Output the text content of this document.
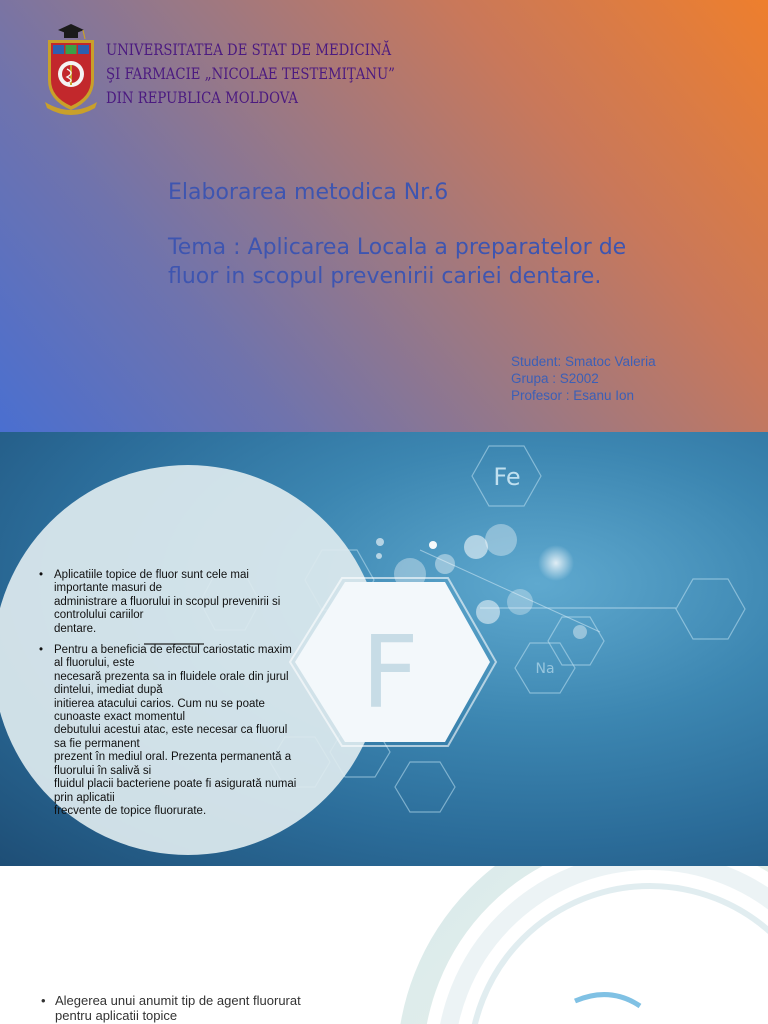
UNIVERSITATEA DE STAT DE MEDICINĂ
ŞI FARMACIE „NICOLAE TESTEMIŢANU”
DIN REPUBLICA MOLDOVA
Elaborarea metodica Nr.6
Tema : Aplicarea Locala a preparatelor de
fluor in scopul prevenirii cariei dentare.
Student: Smatoc Valeria
Grupa : S2002
Profesor : Esanu Ion
F
Fe
Na
• Aplicatiile topice de fluor sunt cele mai
importante masuri de
administrare a fluorului in scopul prevenirii si
controlului cariilor
dentare.
• Pentru a beneficia de efectul cariostatic maxim
al fluorului, este
necesară prezenta sa in fluidele orale din jurul
dintelui, imediat după
initierea atacului carios. Cum nu se poate
cunoaste exact momentul
debutului acestui atac, este necesar ca fluorul
sa fie permanent
prezent în mediul oral. Prezenta permanentă a
fluorului în salivă si
fluidul placii bacteriene poate fi asigurată numai
prin aplicatii
frecvente de topice fluorurate.
• Alegerea unui anumit tip de agent fluorurat
pentru aplicatii topice
